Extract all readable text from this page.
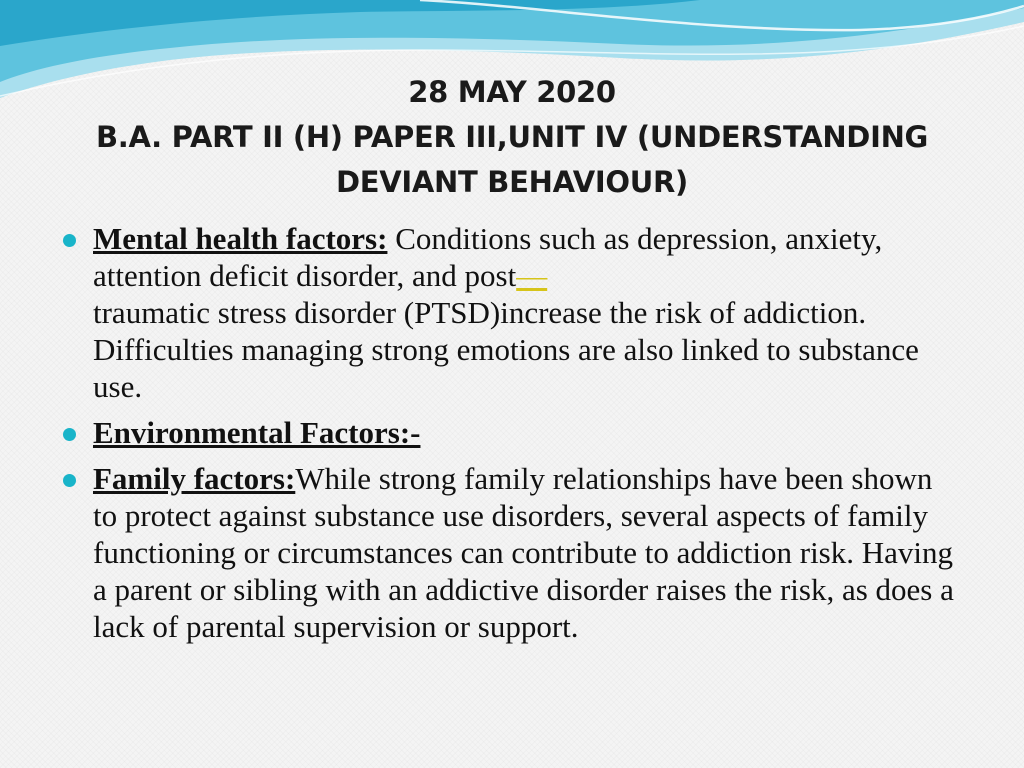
28 MAY 2020
B.A. PART II (H) PAPER III,UNIT IV (UNDERSTANDING
DEVIANT BEHAVIOUR)
Mental health factors: Conditions such as depression, anxiety, attention deficit disorder, and post—
traumatic stress disorder (PTSD)increase the risk of addiction. Difficulties managing strong emotions are also linked to substance use.
Environmental Factors:-
Family factors:While strong family relationships have been shown to protect against substance use disorders, several aspects of family functioning or circumstances can contribute to addiction risk. Having a parent or sibling with an addictive disorder raises the risk, as does a lack of parental supervision or support.
